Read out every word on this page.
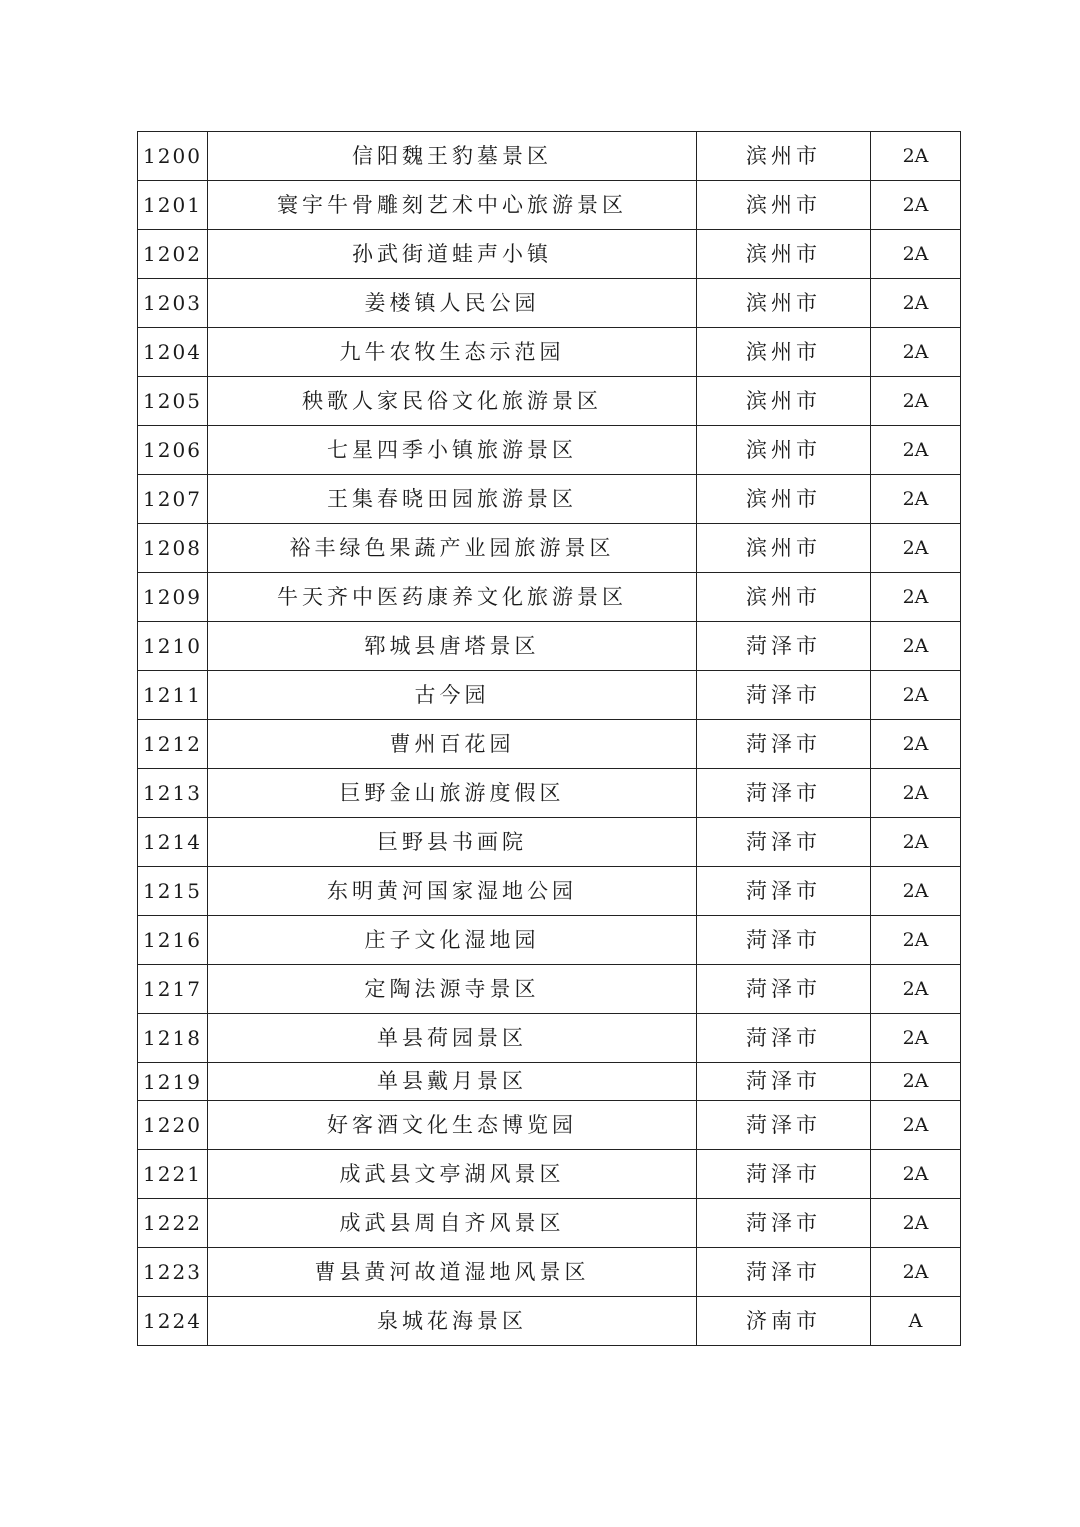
1200	信阳魏王豹墓景区	滨州市	2A
1201	寰宇牛骨雕刻艺术中心旅游景区	滨州市	2A
1202	孙武街道蛙声小镇	滨州市	2A
1203	姜楼镇人民公园	滨州市	2A
1204	九牛农牧生态示范园	滨州市	2A
1205	秧歌人家民俗文化旅游景区	滨州市	2A
1206	七星四季小镇旅游景区	滨州市	2A
1207	王集春晓田园旅游景区	滨州市	2A
1208	裕丰绿色果蔬产业园旅游景区	滨州市	2A
1209	牛天齐中医药康养文化旅游景区	滨州市	2A
1210	郓城县唐塔景区	菏泽市	2A
1211	古今园	菏泽市	2A
1212	曹州百花园	菏泽市	2A
1213	巨野金山旅游度假区	菏泽市	2A
1214	巨野县书画院	菏泽市	2A
1215	东明黄河国家湿地公园	菏泽市	2A
1216	庄子文化湿地园	菏泽市	2A
1217	定陶法源寺景区	菏泽市	2A
1218	单县荷园景区	菏泽市	2A
1219	单县戴月景区	菏泽市	2A
1220	好客酒文化生态博览园	菏泽市	2A
1221	成武县文亭湖风景区	菏泽市	2A
1222	成武县周自齐风景区	菏泽市	2A
1223	曹县黄河故道湿地风景区	菏泽市	2A
1224	泉城花海景区	济南市	A
